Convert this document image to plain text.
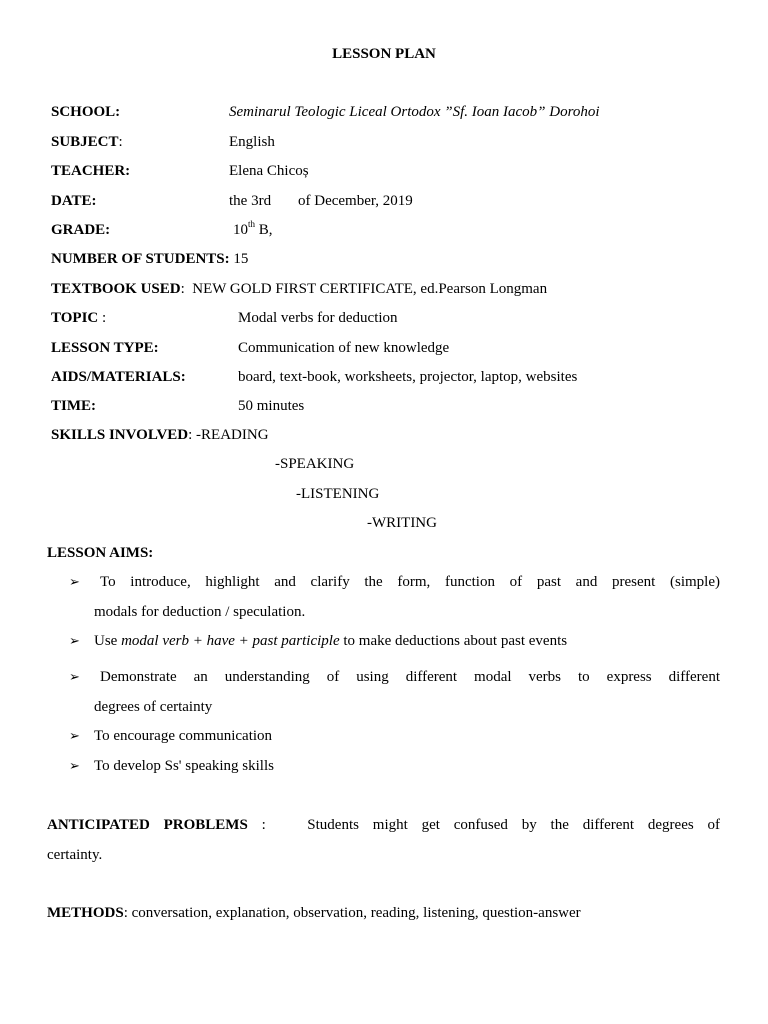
LESSON PLAN
SCHOOL:	Seminarul Teologic Liceal Ortodox ”Sf. Ioan Iacob” Dorohoi
SUBJECT:	English
TEACHER:	Elena Chicoș
DATE:	the 3rd of December, 2019
GRADE:	10th B,
NUMBER OF STUDENTS: 15
TEXTBOOK USED: NEW GOLD FIRST CERTIFICATE, ed.Pearson Longman
TOPIC :	Modal verbs for deduction
LESSON TYPE:	Communication of new knowledge
AIDS/MATERIALS:	board, text-book, worksheets, projector, laptop, websites
TIME:	50 minutes
SKILLS INVOLVED: -READING
-SPEAKING
-LISTENING
-WRITING
LESSON AIMS:
➢ To introduce, highlight and clarify the form, function of past and present (simple)
modals for deduction / speculation.
➢ Use modal verb + have + past participle to make deductions about past events
➢ Demonstrate an understanding of using different modal verbs to express different
degrees of certainty
➢ To encourage communication
➢ To develop Ss' speaking skills
ANTICIPATED PROBLEMS :	Students might get confused by the different degrees of
certainty.
METHODS: conversation, explanation, observation, reading, listening, question-answer
